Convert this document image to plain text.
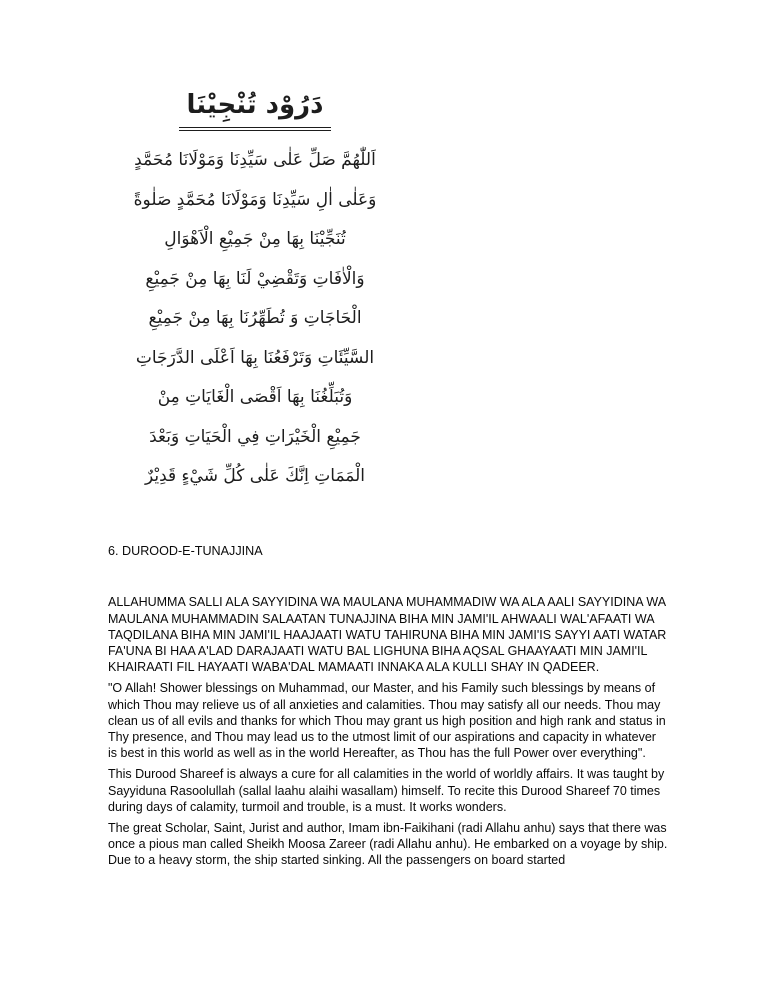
دَرُوْد تُنْجِيْنَا
اَللّٰهُمَّ صَلِّ عَلٰى سَيِّدِنَا وَمَوْلَانَا مُحَمَّدٍ
وَعَلٰى اٰلِ سَيِّدِنَا وَمَوْلَانَا مُحَمَّدٍ صَلٰوةً
تُنَجِّيْنَا بِهَا مِنْ جَمِيْعِ الْاَهْوَالِ
وَالْاٰفَاتِ وَتَقْضِيْ لَنَا بِهَا مِنْ جَمِيْعِ
الْحَاجَاتِ وَ تُطَهِّرُنَا بِهَا مِنْ جَمِيْعِ
السَّيِّئَاتِ وَتَرْفَعُنَا بِهَا اَعْلَى الدَّرَجَاتِ
وَتُبَلِّغُنَا بِهَا اَقْصَى الْغَايَاتِ مِنْ
جَمِيْعِ الْخَيْرَاتِ فِي الْحَيَاتِ وَبَعْدَ
الْمَمَاتِ اِنَّكَ عَلٰى كُلِّ شَيْءٍ قَدِيْرٌ
6. DUROOD-E-TUNAJJINA

ALLAHUMMA SALLI ALA SAYYIDINA WA MAULANA MUHAMMADIW WA ALA AALI SAYYIDINA WA MAULANA MUHAMMADIN SALAATAN TUNAJJINA BIHA MIN JAMI'IL AHWAALI WAL'AFAATI WA TAQDILANA BIHA MIN JAMI'IL HAAJAATI WATU TAHIRUNA BIHA MIN JAMI'IS SAYYI AATI WATAR FA'UNA BI HAA A'LAD DARAJAATI WATU BAL LIGHUNA BIHA AQSAL GHAAYAATI MIN JAMI'IL KHAIRAATI FIL HAYAATI WABA'DAL MAMAATI INNAKA ALA KULLI SHAY IN QADEER.

"O Allah! Shower blessings on Muhammad, our Master, and his Family such blessings by means of which Thou may relieve us of all anxieties and calamities. Thou may satisfy all our needs. Thou may clean us of all evils and thanks for which Thou may grant us high position and high rank and status in Thy presence, and Thou may lead us to the utmost limit of our aspirations and capacity in whatever is best in this world as well as in the world Hereafter, as Thou has the full Power over everything".

This Durood Shareef is always a cure for all calamities in the world of worldly affairs. It was taught by Sayyiduna Rasoolullah (sallal laahu alaihi wasallam) himself. To recite this Durood Shareef 70 times during days of calamity, turmoil and trouble, is a must. It works wonders.

The great Scholar, Saint, Jurist and author, Imam ibn-Faikihani (radi Allahu anhu) says that there was once a pious man called Sheikh Moosa Zareer (radi Allahu anhu). He embarked on a voyage by ship. Due to a heavy storm, the ship started sinking. All the passengers on board started
